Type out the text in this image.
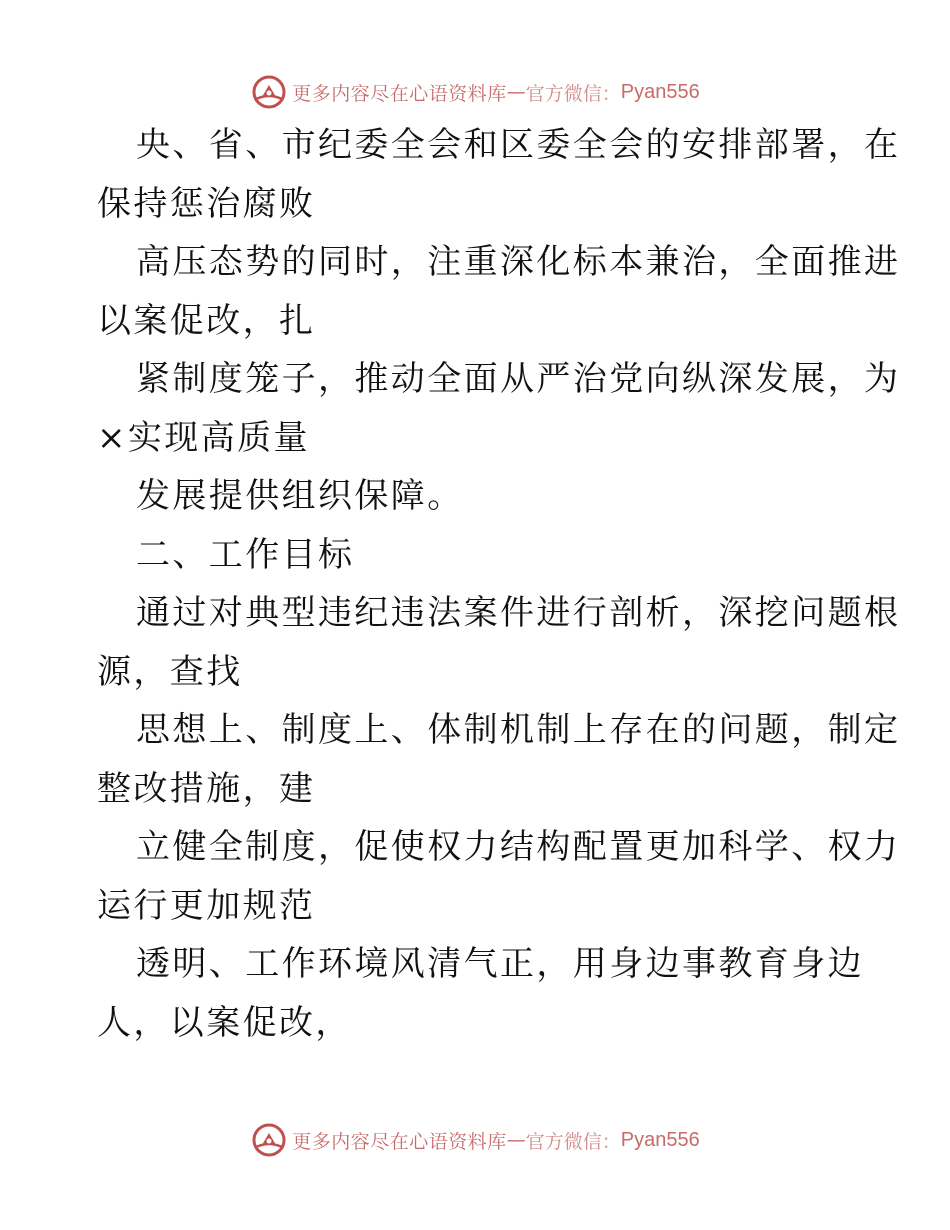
更多内容尽在心语资料库 — 官方微信： Pyan556
央、省、市纪委全会和区委全会的安排部署，在
保持惩治腐败
高压态势的同时，注重深化标本兼治，全面推进
以案促改，扎
紧制度笼子，推动全面从严治党向纵深发展，为
×实现高质量
发展提供组织保障。
二、工作目标
通过对典型违纪违法案件进行剖析，深挖问题根
源，查找
思想上、制度上、体制机制上存在的问题，制定
整改措施，建
立健全制度，促使权力结构配置更加科学、权力
运行更加规范
透明、工作环境风清气正，用身边事教育身边
人，以案促改，
更多内容尽在心语资料库 — 官方微信： Pyan556
